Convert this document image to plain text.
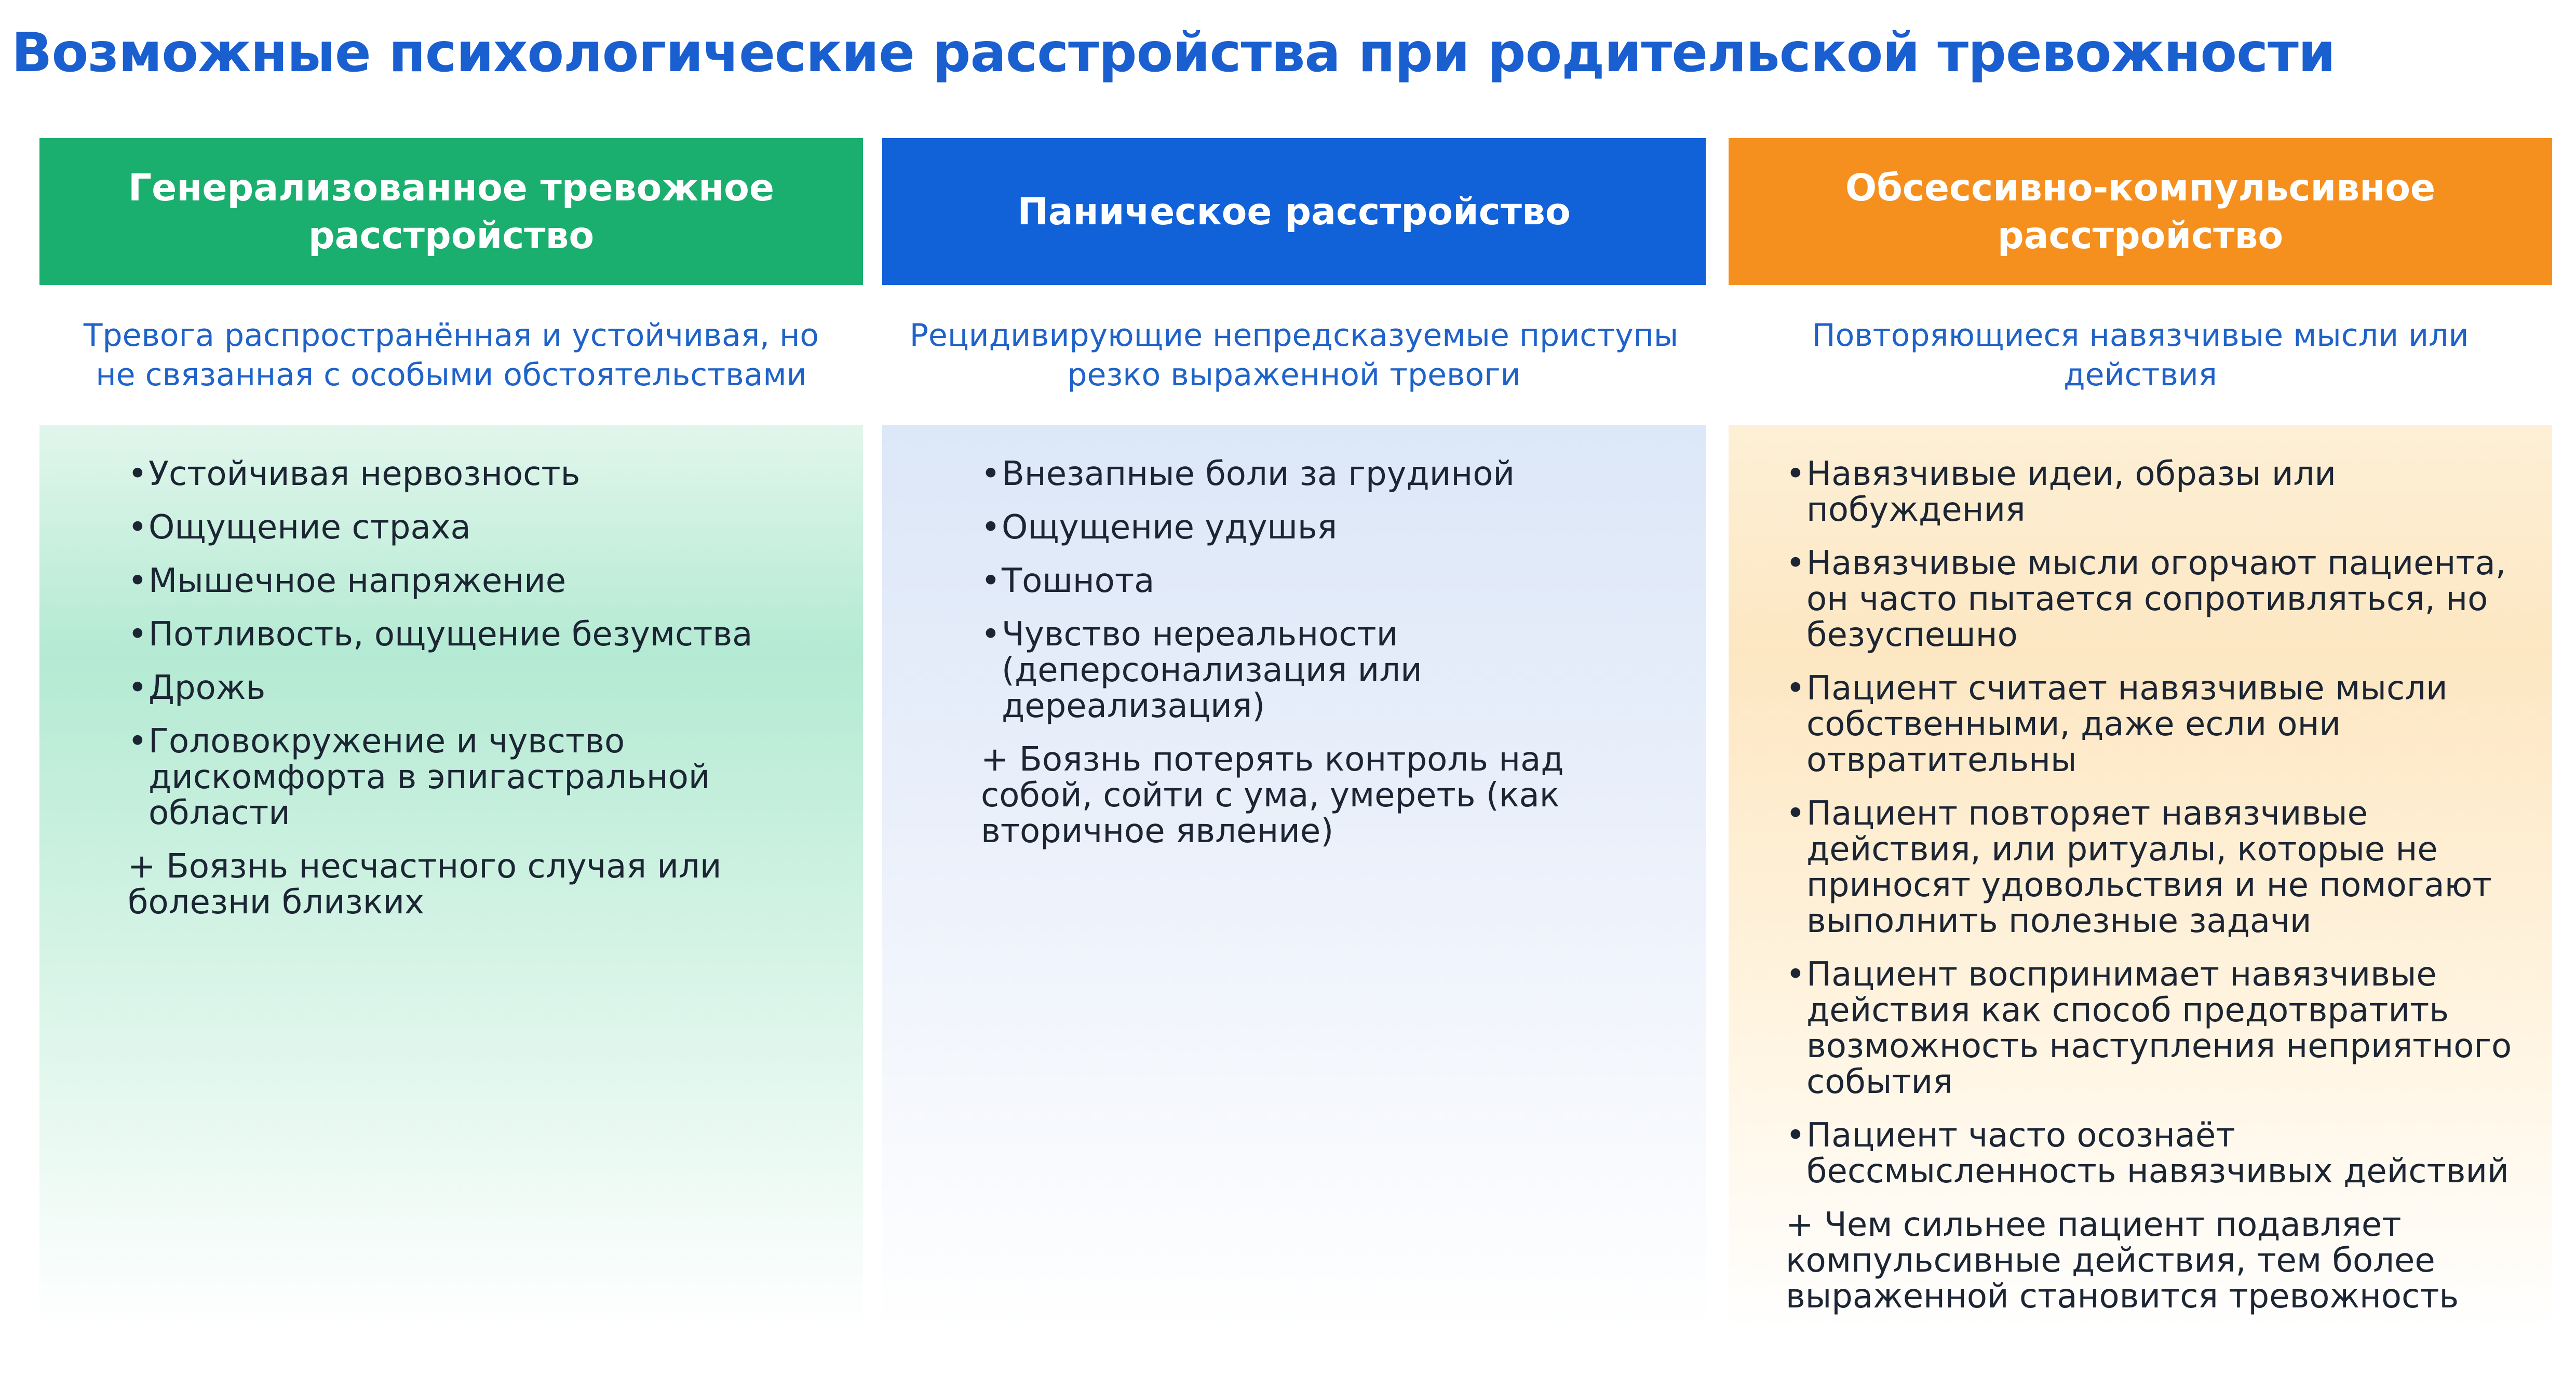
Возможные психологические расстройства при родительской тревожности
Генерализованное тревожное расстройство
Тревога распространённая и устойчивая, но не связанная с особыми обстоятельствами
• Устойчивая нервозность
• Ощущение страха
• Мышечное напряжение
• Потливость, ощущение безумства
• Дрожь
• Головокружение и чувство дискомфорта в эпигастральной области

+ Боязнь несчастного случая или болезни близких

Паническое расстройство
Рецидивирующие непредсказуемые приступы резко выраженной тревоги
• Внезапные боли за грудиной
• Ощущение удушья
• Тошнота
• Чувство нереальности (деперсонализация или дереализация)

+ Боязнь потерять контроль над собой, сойти с ума, умереть (как вторичное явление)

Обсессивно-компульсивное расстройство
Повторяющиеся навязчивые мысли или действия
• Навязчивые идеи, образы или побуждения
• Навязчивые мысли огорчают пациента, он часто пытается сопротивляться, но безуспешно
• Пациент считает навязчивые мысли собственными, даже если они отвратительны
• Пациент повторяет навязчивые действия, или ритуалы, которые не приносят удовольствия и не помогают выполнить полезные задачи
• Пациент воспринимает навязчивые действия как способ предотвратить возможность наступления неприятного события
• Пациент часто осознаёт бессмысленность навязчивых действий

+ Чем сильнее пациент подавляет компульсивные действия, тем более выраженной становится тревожность
